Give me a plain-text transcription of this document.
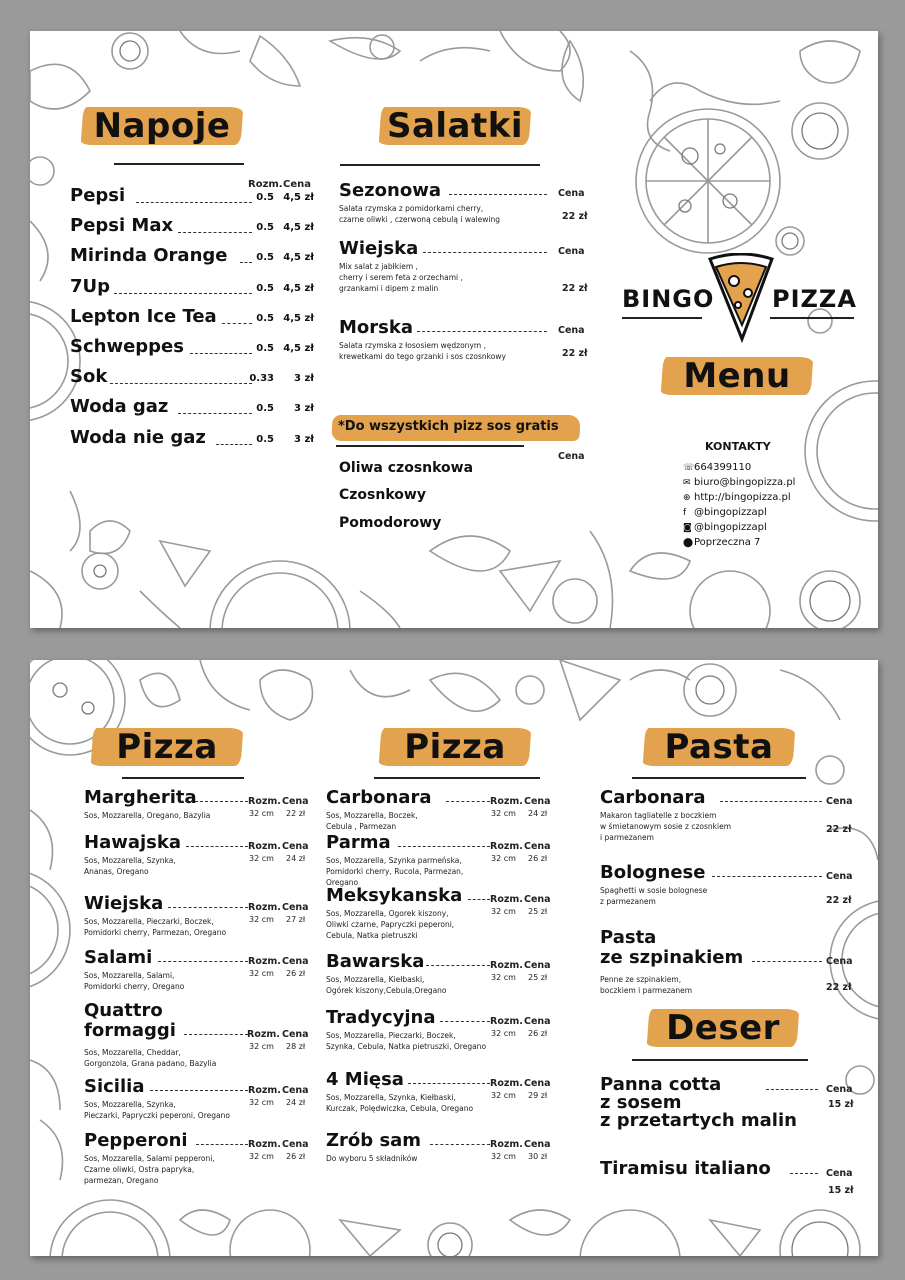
Napoje
Rozm. Cena
Salatki
*Do wszystkich pizz sos gratis
Cena
Oliwa czosnkowa
Czosnkowy
Pomodorowy
BINGO PIZZA
Menu
KONTAKTY
Pepsi	0.5 4,5 zł
Pepsi Max	0.5 4,5 zł
Mirinda Orange	0.5 4,5 zł
7Up	0.5 4,5 zł
Lepton Ice Tea	0.5 4,5 zł
Schweppes	0.5 4,5 zł
Sok	0.33 3 zł
Woda gaz	0.5 3 zł
Woda nie gaz	0.5 3 zł
Sezonowa	Cena
Salata rzymska z pomidorkami cherry,
czarne oliwki , czerwoną cebulą i walewing	22 zł
Wiejska	Cena
Mix salat z jabłkiem ,
cherry i serem feta z orzechami ,
grzankami i dipem z malin	22 zł
Morska	Cena
Salata rzymska z łososiem wędzonym ,
krewetkami do tego grzanki i sos czosnkowy	22 zł
☏664399110
✉ biuro@bingopizza.pl
⊕ http://bingopizza.pl
f @bingopizzapl
◙ @bingopizzapl
⬤Poprzeczna 7
Pizza	Pizza	Pasta
Deser
Margherita	Rozm. Cena
32 cm 22 zł
Sos, Mozzarella, Oregano, Bazylia
Hawajska	Rozm. Cena
32 cm 24 zł
Sos, Mozzarella, Szynka,
Ananas, Oregano
Wiejska	Rozm. Cena
32 cm 27 zł
Sos, Mozzarella, Pieczarki, Boczek,
Pomidorki cherry, Parmezan, Oregano
Salami	Rozm. Cena
32 cm 26 zł
Sos, Mozzarella, Salami,
Pomidorki cherry, Oregano
Quattro
formaggi	Rozm. Cena
32 cm 28 zł
Sos, Mozzarella, Cheddar,
Gorgonzola, Grana padano, Bazylia
Sicilia	Rozm. Cena
32 cm 24 zł
Sos, Mozzarella, Szynka,
Pieczarki, Papryczki peperoni, Oregano
Pepperoni	Rozm. Cena
32 cm 26 zł
Sos, Mozzarella, Salami pepperoni,
Czarne oliwki, Ostra papryka,
parmezan, Oregano
Carbonara	Rozm. Cena
32 cm 24 zł
Sos, Mozzarella, Boczek,
Cebula , Parmezan
Parma	Rozm. Cena
32 cm 26 zł
Sos, Mozzarella, Szynka parmeńska,
Pomidorki cherry, Rucola, Parmezan, Oregano
Meksykanska	Rozm. Cena
32 cm 25 zł
Sos, Mozzarella, Ogorek kiszony,
Oliwki czarne, Papryczki peperoni,
Cebula, Natka pietruszki
Bawarska	Rozm. Cena
32 cm 25 zł
Sos, Mozzarella, Kiełbaski,
Ogórek kiszony,Cebula,Oregano
Tradycyjna	Rozm. Cena
32 cm 26 zł
Sos, Mozzarella, Pieczarki, Boczek,
Szynka, Cebula, Natka pietruszki, Oregano
4 Mięsa	Rozm. Cena
32 cm 29 zł
Sos, Mozzarella, Szynka, Kiełbaski,
Kurczak, Polędwiczka, Cebula, Oregano
Zrób sam	Rozm. Cena
32 cm 30 zł
Do wyboru 5 składników
Carbonara	Cena
Makaron tagliatelle z boczkiem
w śmietanowym sosie z czosnkiem
i parmezanem
22 zł
Bolognese	Cena
Spaghetti w sosie bolognese
z parmezanem	22 zł
Pasta
ze szpinakiem	Cena
Penne ze szpinakiem,
boczkiem i parmezanem	22 zł
Panna cotta
z sosem
z przetartych malin
Cena
15 zł
Tiramisu italiano	Cena
15 zł
